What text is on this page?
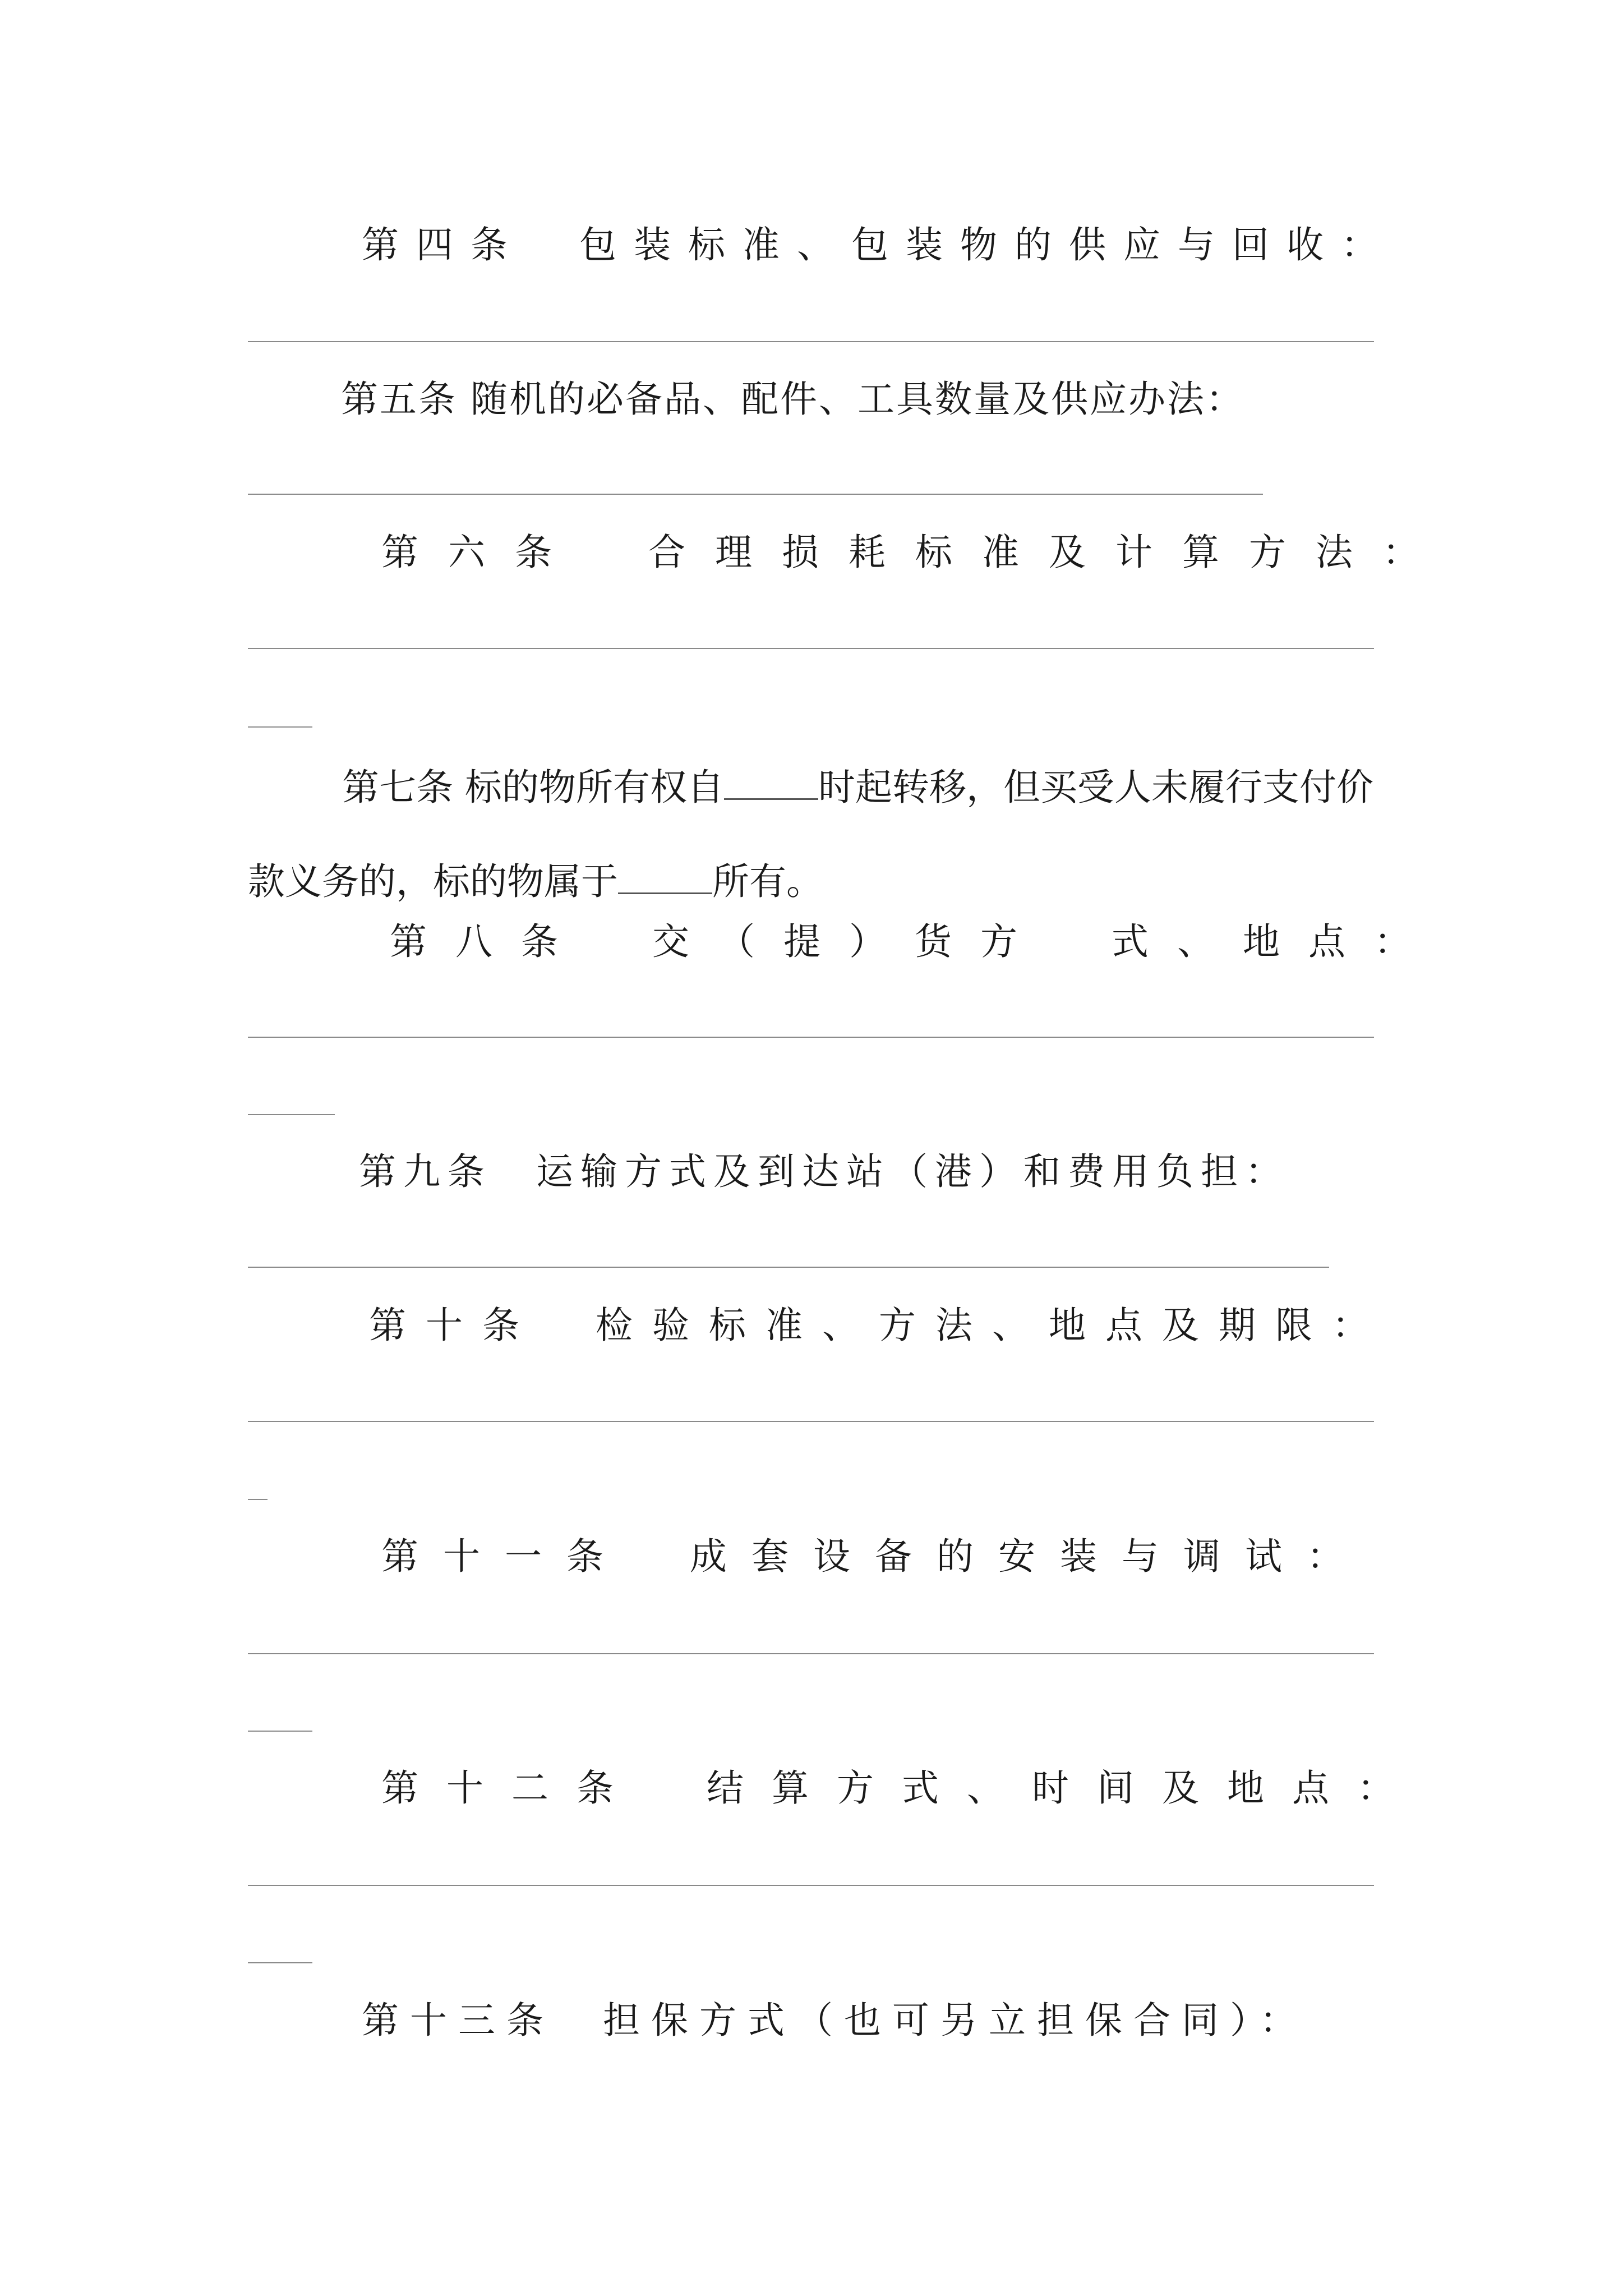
第四条　包装标准、包装物的供应与回收：

第五条 随机的必备品、配件、工具数量及供应办法：

第六条　合理损耗标准及计算方法：

第七条 标的物所有权自	时起转移，但买受人未履行支付价款义务的，标的物属于	所有。

第八条　交（提）货方　式、地点：

第九条　运输方式及到达站（港）和费用负担：

第十条　检验标准、方法、地点及期限：

第十一条　成套设备的安装与调试：

第十二条　结算方式、时间及地点：

第十三条　担保方式（也可另立担保合同）：
